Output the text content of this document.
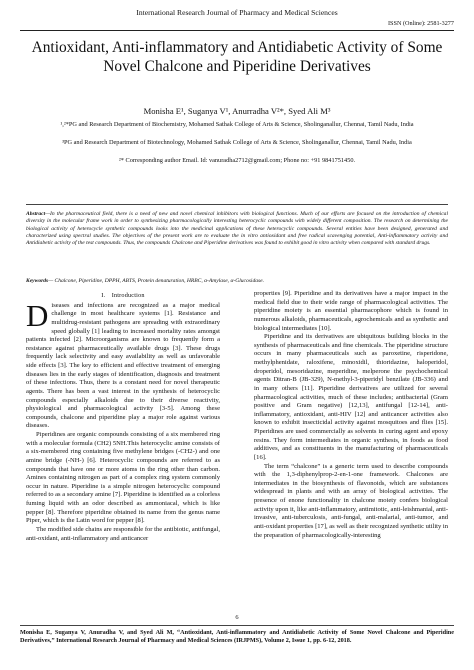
International Research Journal of Pharmacy and Medical Sciences
ISSN (Online): 2581-3277
Antioxidant, Anti-inflammatory and Antidiabetic Activity of Some Novel Chalcone and Piperidine Derivatives
Monisha E¹, Suganya V¹, Anurradha V²*, Syed Ali M³
¹,²*PG and Research Department of Biochemistry, Mohamed Sathak College of Arts & Science, Sholinganallur, Chennai, Tamil Nadu, India
³PG and Research Department of Biotechnology, Mohamed Sathak College of Arts & Science, Sholinganallur, Chennai, Tamil Nadu, India
²* Corresponding author Email. Id: vanuradha2712@gmail.com; Phone no: +91 9841751450.
Abstract—In the pharmaceutical field, there is a need of new and novel chemical inhibitors with biological functions. Much of our efforts are focused on the introduction of chemical diversity in the molecular frame work in order to synthesizing pharmacologically interesting heterocyclic compounds with widely different composition. The research on determining the biological activity of heterocycle synthetic compounds looks into the medicinal applications of these heterocyclic compounds. Several entities have been designed, generated and characterized using spectral studies. The objectives of the present work are to evaluate the in vitro antioxidant and free radical scavenging potential, Anti-inflammatory activity and Antidiabetic activity of the test compounds. Thus, the compounds Chalcone and Piperidine derivatives was found to exhibit good in vitro activity when compared with standard drugs.
Keywords— Chalcone, Piperidine, DPPH, ABTS, Protein denaturation, HRBC, α-Amylase, α-Glucosidase.
I. Introduction

Diseases and infections are recognized as a major medical challenge in most healthcare systems [1]. Resistance and multidrug-resistant pathogens are spreading with extraordinary speed globally [1] leading to increased mortality rates amongst patients infected [2]. Microorganisms are known to frequently form a resistance against pharmaceutically available drugs [3]. These drugs frequently lack selectivity and easy availability as well as unfavorable side effects [3]. The key to efficient and effective treatment of emerging diseases lies in the early stages of identification, diagnosis and treatment of these infections. Thus, there is a constant need for novel therapeutic agents. There has been a vast interest in the synthesis of heterocyclic compounds especially alkaloids due to their diverse reactivity, physiological and pharmacological activity [3-5]. Among these compounds, chalcone and piperidine play a major role against various diseases.

Piperidines are organic compounds consisting of a six membered ring with a molecular formula (CH2) 5NH.This heterocyclic amine consists of a six-membered ring containing five methylene bridges (-CH2-) and one amine bridge (-NH-) [6]. Heterocyclic compounds are referred to as compounds that have one or more atoms in the ring other than carbon. Amines containing nitrogen as part of a complex ring system commonly occur in nature. Piperidine is a simple nitrogen heterocyclic compound referred to as a secondary amine [7]. Piperidine is identified as a colorless fuming liquid with an odor described as ammoniacal, which is like pepper [8]. Therefore piperidine obtained its name from the genus name Piper, which is the Latin word for pepper [8].

The modified side chains are responsible for the antibiotic, antifungal, anti-oxidant, anti-inflammatory and anticancer

properties [9]. Piperidine and its derivatives have a major impact in the medical field due to their wide range of pharmacological activities. The piperidine moiety is an essential pharmacophore which is found in numerous alkaloids, pharmaceuticals, agrochemicals and as synthetic and biological intermediates [10].

Piperidine and its derivatives are ubiquitous building blocks in the synthesis of pharmaceuticals and fine chemicals. The piperidine structure occurs in many pharmaceuticals such as paroxetine, risperidone, methylphenidate, raloxifene, minoxidil, thioridazine, haloperidol, droperidol, mesoridazine, meperidine, melperone the psychochemical agents Ditran-B (JB-329), N-methyl-3-piperidyl benzilate (JB-336) and in many others [11]. Piperidine derivatives are utilized for several pharmacological activities, much of these includes; antibacterial (Gram positive and Gram negative) [12,13], antifungal [12-14], anti-inflammatory, antioxidant, anti-HIV [12] and anticancer activities also known to exhibit insecticidal activity against mosquitoes and flies [15]. Piperidines are used commercially as solvents in curing agent and epoxy resins. They form intermediates in organic synthesis, in foods as food additives, and as constituents in the manufacturing of pharmaceuticals [16].

The term “chalcone” is a generic term used to describe compounds with the 1,3-diphenylprop-2-en-1-one framework. Chalcones are intermediates in the biosynthesis of flavonoids, which are substances widespread in plants and with an array of biological activities. The presence of enone functionality in chalcone moiety confers biological activity upon it, like anti-inflammatory, antimitotic, anti-leishmanial, anti-invasive, anti-tuberculosis, anti-fungal, anti-malarial, anti-tumor, and anti-oxidant properties [17], as well as their recognized synthetic utility in the preparation of pharmacologically-interesting

6
Monisha E, Suganya V, Anuradha V, and Syed Ali M, “Antioxidant, Anti-inflammatory and Antidiabetic Activity of Some Novel Chalcone and Piperidine Derivatives,” International Research Journal of Pharmacy and Medical Sciences (IRJPMS), Volume 2, Issue 1, pp. 6-12, 2018.
